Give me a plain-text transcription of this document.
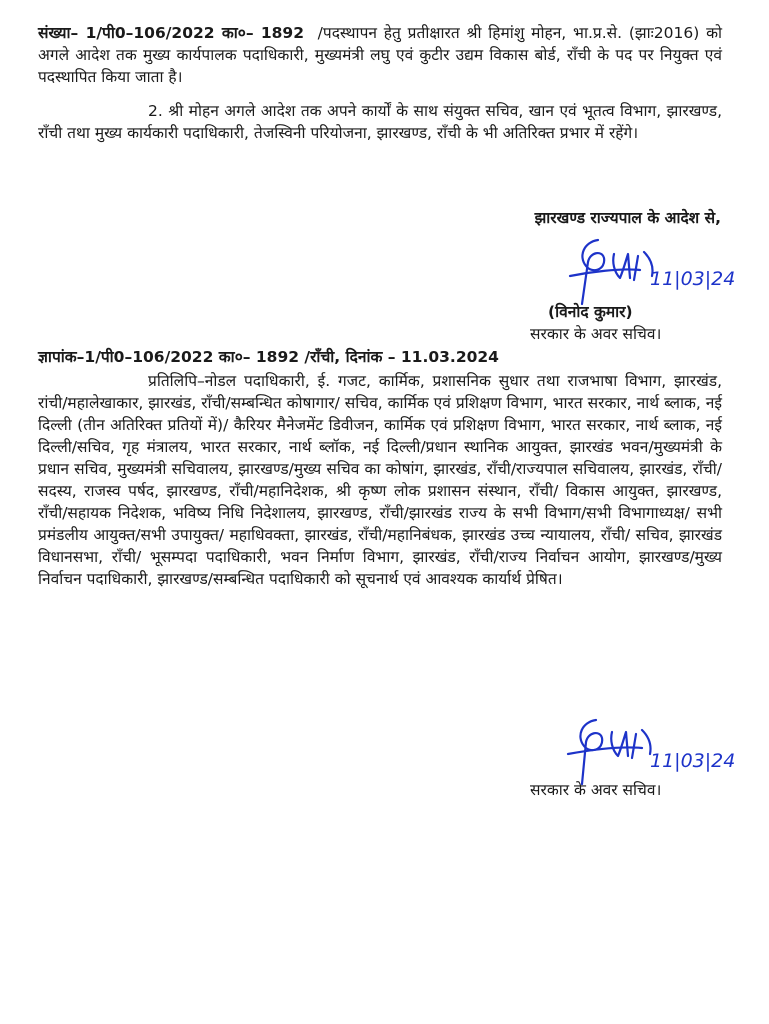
संख्या– 1/पी0–106/2022 का०– 1892 /पदस्थापन हेतु प्रतीक्षारत श्री हिमांशु मोहन, भा.प्र.से. (झाः2016) को अगले आदेश तक मुख्य कार्यपालक पदाधिकारी, मुख्यमंत्री लघु एवं कुटीर उद्यम विकास बोर्ड, राँची के पद पर नियुक्त एवं पदस्थापित किया जाता है।

2. श्री मोहन अगले आदेश तक अपने कार्यों के साथ संयुक्त सचिव, खान एवं भूतत्व विभाग, झारखण्ड, राँची तथा मुख्य कार्यकारी पदाधिकारी, तेजस्विनी परियोजना, झारखण्ड, राँची के भी अतिरिक्त प्रभार में रहेंगे।

झारखण्ड राज्यपाल के आदेश से,

11|03|24
(विनोद कुमार)
सरकार के अवर सचिव।
ज्ञापांक–1/पी0–106/2022 का०– 1892 /राँची, दिनांक – 11.03.2024

प्रतिलिपि–नोडल पदाधिकारी, ई. गजट, कार्मिक, प्रशासनिक सुधार तथा राजभाषा विभाग, झारखंड, रांची/महालेखाकार, झारखंड, राँची/सम्बन्धित कोषागार/ सचिव, कार्मिक एवं प्रशिक्षण विभाग, भारत सरकार, नार्थ ब्लाक, नई दिल्ली (तीन अतिरिक्त प्रतियों में)/ कैरियर मैनेजमेंट डिवीजन, कार्मिक एवं प्रशिक्षण विभाग, भारत सरकार, नार्थ ब्लाक, नई दिल्ली/सचिव, गृह मंत्रालय, भारत सरकार, नार्थ ब्लॉक, नई दिल्ली/प्रधान स्थानिक आयुक्त, झारखंड भवन/मुख्यमंत्री के प्रधान सचिव, मुख्यमंत्री सचिवालय, झारखण्ड/मुख्य सचिव का कोषांग, झारखंड, राँची/राज्यपाल सचिवालय, झारखंड, राँची/सदस्य, राजस्व पर्षद, झारखण्ड, राँची/महानिदेशक, श्री कृष्ण लोक प्रशासन संस्थान, राँची/ विकास आयुक्त, झारखण्ड, राँची/सहायक निदेशक, भविष्य निधि निदेशालय, झारखण्ड, राँची/झारखंड राज्य के सभी विभाग/सभी विभागाध्यक्ष/ सभी प्रमंडलीय आयुक्त/सभी उपायुक्त/ महाधिवक्ता, झारखंड, राँची/महानिबंधक, झारखंड उच्च न्यायालय, राँची/ सचिव, झारखंड विधानसभा, राँची/ भूसम्पदा पदाधिकारी, भवन निर्माण विभाग, झारखंड, राँची/राज्य निर्वाचन आयोग, झारखण्ड/मुख्य निर्वाचन पदाधिकारी, झारखण्ड/सम्बन्धित पदाधिकारी को सूचनार्थ एवं आवश्यक कार्यार्थ प्रेषित।

11|03|24
सरकार के अवर सचिव।
